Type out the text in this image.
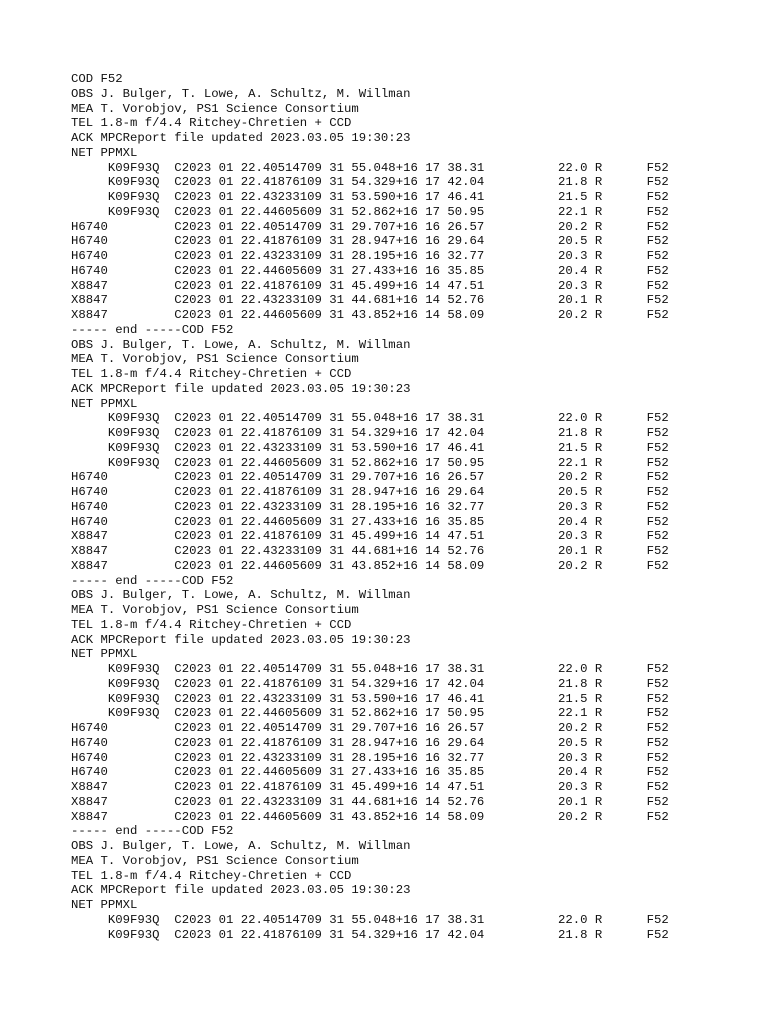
COD F52
OBS J. Bulger, T. Lowe, A. Schultz, M. Willman
MEA T. Vorobjov, PS1 Science Consortium
TEL 1.8-m f/4.4 Ritchey-Chretien + CCD
ACK MPCReport file updated 2023.03.05 19:30:23
NET PPMXL
K09F93Q  C2023 01 22.40514709 31 55.048+16 17 38.31          22.0 R      F52
K09F93Q  C2023 01 22.41876109 31 54.329+16 17 42.04          21.8 R      F52
K09F93Q  C2023 01 22.43233109 31 53.590+16 17 46.41          21.5 R      F52
K09F93Q  C2023 01 22.44605609 31 52.862+16 17 50.95          22.1 R      F52
H6740         C2023 01 22.40514709 31 29.707+16 16 26.57          20.2 R      F52
H6740         C2023 01 22.41876109 31 28.947+16 16 29.64          20.5 R      F52
H6740         C2023 01 22.43233109 31 28.195+16 16 32.77          20.3 R      F52
H6740         C2023 01 22.44605609 31 27.433+16 16 35.85          20.4 R      F52
X8847         C2023 01 22.41876109 31 45.499+16 14 47.51          20.3 R      F52
X8847         C2023 01 22.43233109 31 44.681+16 14 52.76          20.1 R      F52
X8847         C2023 01 22.44605609 31 43.852+16 14 58.09          20.2 R      F52
----- end -----COD F52
OBS J. Bulger, T. Lowe, A. Schultz, M. Willman
MEA T. Vorobjov, PS1 Science Consortium
TEL 1.8-m f/4.4 Ritchey-Chretien + CCD
ACK MPCReport file updated 2023.03.05 19:30:23
NET PPMXL
K09F93Q  C2023 01 22.40514709 31 55.048+16 17 38.31          22.0 R      F52
K09F93Q  C2023 01 22.41876109 31 54.329+16 17 42.04          21.8 R      F52
K09F93Q  C2023 01 22.43233109 31 53.590+16 17 46.41          21.5 R      F52
K09F93Q  C2023 01 22.44605609 31 52.862+16 17 50.95          22.1 R      F52
H6740         C2023 01 22.40514709 31 29.707+16 16 26.57          20.2 R      F52
H6740         C2023 01 22.41876109 31 28.947+16 16 29.64          20.5 R      F52
H6740         C2023 01 22.43233109 31 28.195+16 16 32.77          20.3 R      F52
H6740         C2023 01 22.44605609 31 27.433+16 16 35.85          20.4 R      F52
X8847         C2023 01 22.41876109 31 45.499+16 14 47.51          20.3 R      F52
X8847         C2023 01 22.43233109 31 44.681+16 14 52.76          20.1 R      F52
X8847         C2023 01 22.44605609 31 43.852+16 14 58.09          20.2 R      F52
----- end -----COD F52
OBS J. Bulger, T. Lowe, A. Schultz, M. Willman
MEA T. Vorobjov, PS1 Science Consortium
TEL 1.8-m f/4.4 Ritchey-Chretien + CCD
ACK MPCReport file updated 2023.03.05 19:30:23
NET PPMXL
K09F93Q  C2023 01 22.40514709 31 55.048+16 17 38.31          22.0 R      F52
K09F93Q  C2023 01 22.41876109 31 54.329+16 17 42.04          21.8 R      F52
K09F93Q  C2023 01 22.43233109 31 53.590+16 17 46.41          21.5 R      F52
K09F93Q  C2023 01 22.44605609 31 52.862+16 17 50.95          22.1 R      F52
H6740         C2023 01 22.40514709 31 29.707+16 16 26.57          20.2 R      F52
H6740         C2023 01 22.41876109 31 28.947+16 16 29.64          20.5 R      F52
H6740         C2023 01 22.43233109 31 28.195+16 16 32.77          20.3 R      F52
H6740         C2023 01 22.44605609 31 27.433+16 16 35.85          20.4 R      F52
X8847         C2023 01 22.41876109 31 45.499+16 14 47.51          20.3 R      F52
X8847         C2023 01 22.43233109 31 44.681+16 14 52.76          20.1 R      F52
X8847         C2023 01 22.44605609 31 43.852+16 14 58.09          20.2 R      F52
----- end -----COD F52
OBS J. Bulger, T. Lowe, A. Schultz, M. Willman
MEA T. Vorobjov, PS1 Science Consortium
TEL 1.8-m f/4.4 Ritchey-Chretien + CCD
ACK MPCReport file updated 2023.03.05 19:30:23
NET PPMXL
K09F93Q  C2023 01 22.40514709 31 55.048+16 17 38.31          22.0 R      F52
K09F93Q  C2023 01 22.41876109 31 54.329+16 17 42.04          21.8 R      F52
